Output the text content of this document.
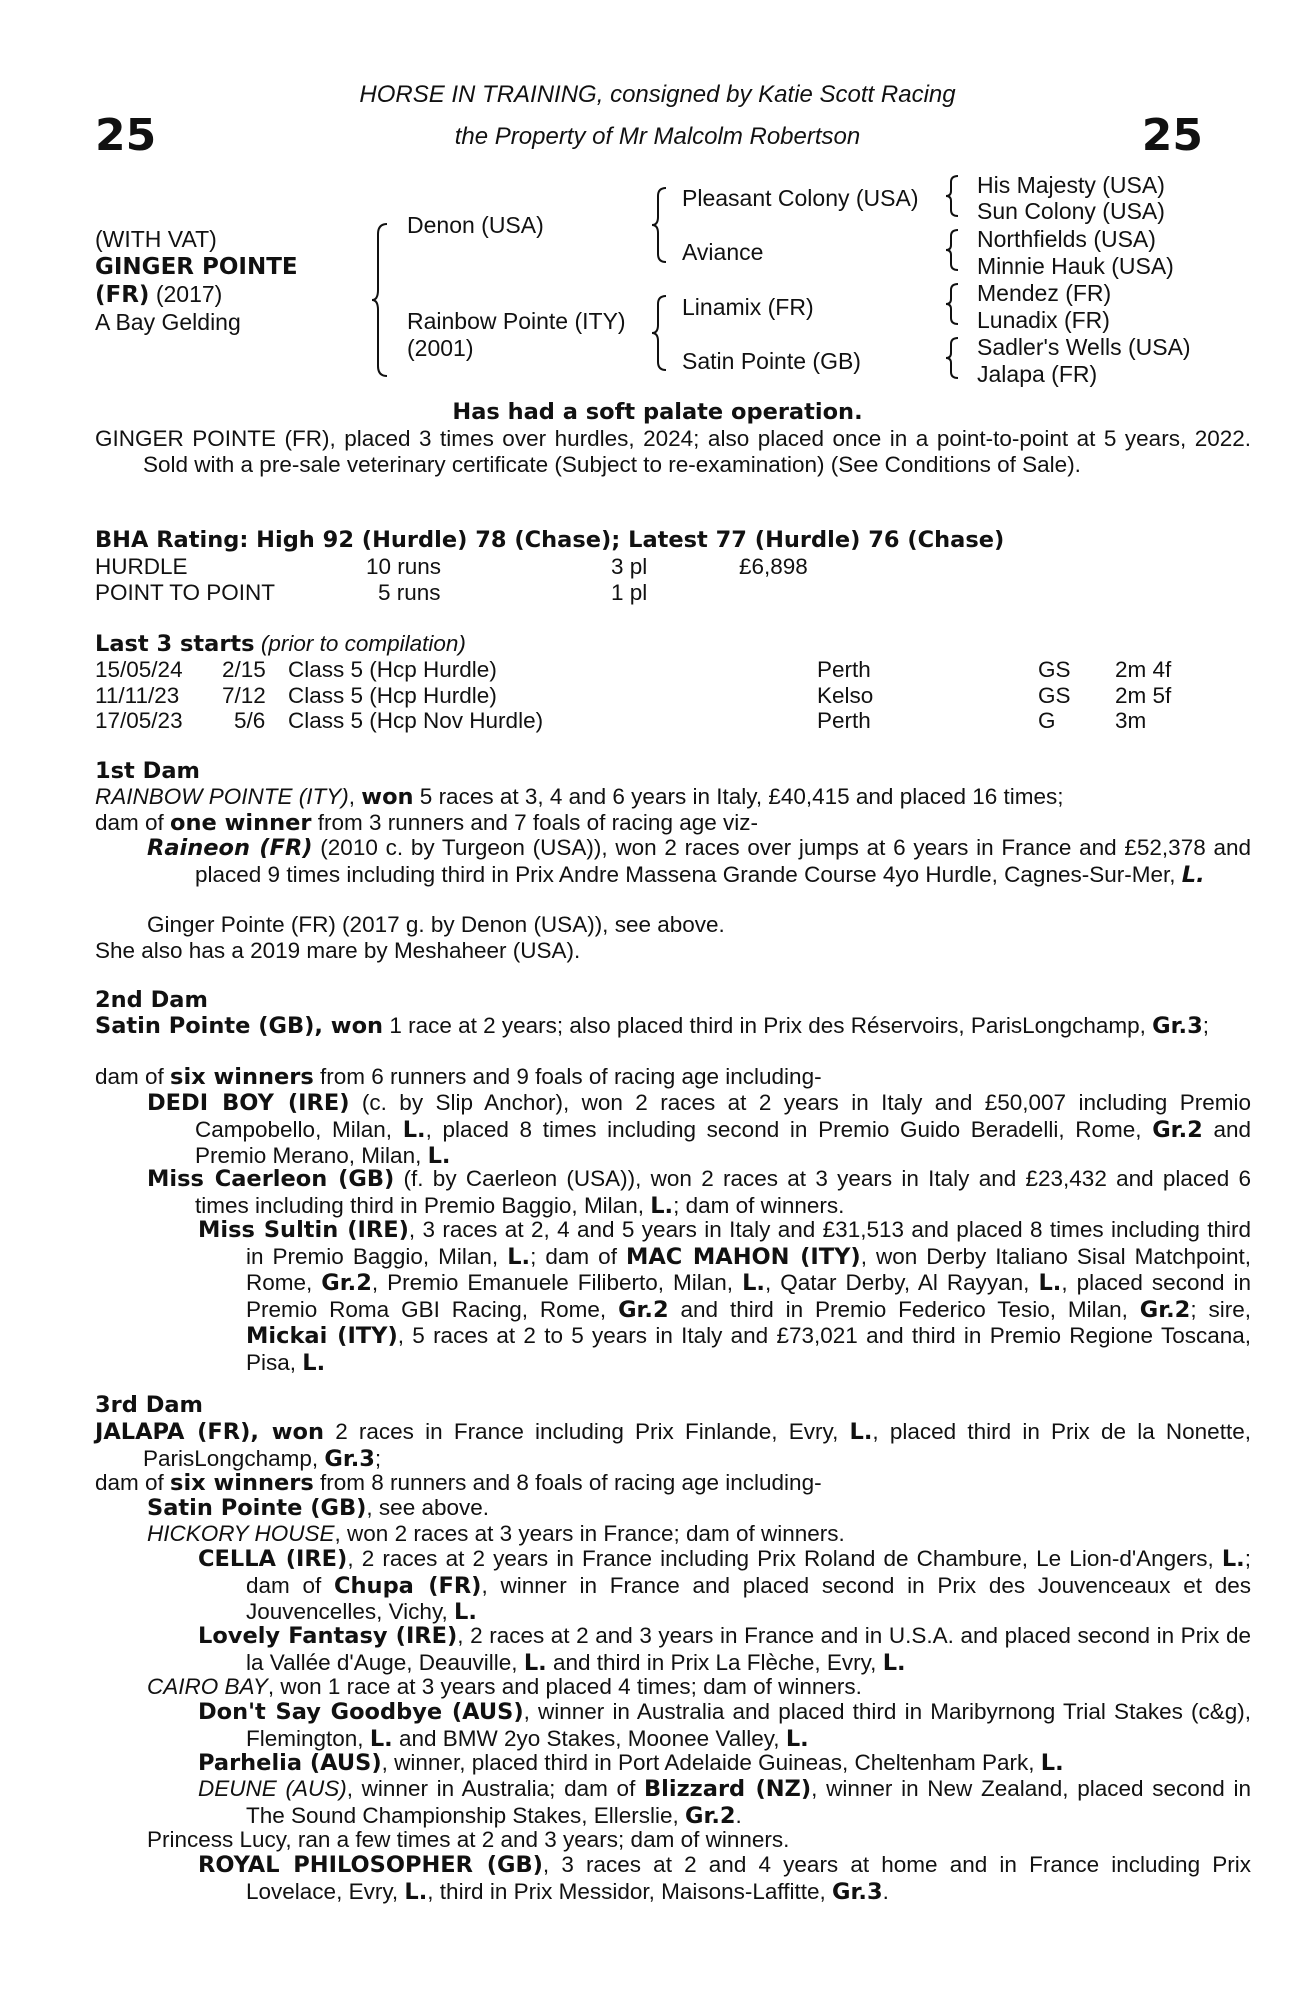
25	25
HORSE IN TRAINING, consigned by Katie Scott Racing
the Property of Mr Malcolm Robertson
(WITH VAT)
GINGER POINTE
(FR) (2017)
A Bay Gelding
Denon (USA)
Rainbow Pointe (ITY)
(2001)
Pleasant Colony (USA)
Aviance
Linamix (FR)
Satin Pointe (GB)
His Majesty (USA)
Sun Colony (USA)
Northfields (USA)
Minnie Hauk (USA)
Mendez (FR)
Lunadix (FR)
Sadler's Wells (USA)
Jalapa (FR)
Has had a soft palate operation.
GINGER POINTE (FR), placed 3 times over hurdles, 2024; also placed once in a point-to-point at 5 years, 2022. Sold with a pre-sale veterinary certificate (Subject to re-examination) (See Conditions of Sale).
BHA Rating: High 92 (Hurdle) 78 (Chase); Latest 77 (Hurdle) 76 (Chase)
HURDLE	10 runs	3 pl	£6,898
POINT TO POINT	5 runs	1 pl
Last 3 starts (prior to compilation)
15/05/24 2/15 Class 5 (Hcp Hurdle)	Perth	GS 2m 4f
11/11/23 7/12 Class 5 (Hcp Hurdle)	Kelso	GS 2m 5f
17/05/23 5/6 Class 5 (Hcp Nov Hurdle)	Perth	G	3m
1st Dam
RAINBOW POINTE (ITY), won 5 races at 3, 4 and 6 years in Italy, £40,415 and placed 16 times;
dam of one winner from 3 runners and 7 foals of racing age viz-
Raineon (FR) (2010 c. by Turgeon (USA)), won 2 races over jumps at 6 years in France and £52,378 and placed 9 times including third in Prix Andre Massena Grande Course 4yo Hurdle, Cagnes-Sur-Mer, L.
Ginger Pointe (FR) (2017 g. by Denon (USA)), see above.
She also has a 2019 mare by Meshaheer (USA).
2nd Dam
Satin Pointe (GB), won 1 race at 2 years; also placed third in Prix des Réservoirs, ParisLongchamp, Gr.3;
dam of six winners from 6 runners and 9 foals of racing age including-
DEDI BOY (IRE) (c. by Slip Anchor), won 2 races at 2 years in Italy and £50,007 including Premio Campobello, Milan, L., placed 8 times including second in Premio Guido Beradelli, Rome, Gr.2 and Premio Merano, Milan, L.
Miss Caerleon (GB) (f. by Caerleon (USA)), won 2 races at 3 years in Italy and £23,432 and placed 6 times including third in Premio Baggio, Milan, L.; dam of winners.
Miss Sultin (IRE), 3 races at 2, 4 and 5 years in Italy and £31,513 and placed 8 times including third in Premio Baggio, Milan, L.; dam of MAC MAHON (ITY), won Derby Italiano Sisal Matchpoint, Rome, Gr.2, Premio Emanuele Filiberto, Milan, L., Qatar Derby, Al Rayyan, L., placed second in Premio Roma GBI Racing, Rome, Gr.2 and third in Premio Federico Tesio, Milan, Gr.2; sire, Mickai (ITY), 5 races at 2 to 5 years in Italy and £73,021 and third in Premio Regione Toscana, Pisa, L.
3rd Dam
JALAPA (FR), won 2 races in France including Prix Finlande, Evry, L., placed third in Prix de la Nonette, ParisLongchamp, Gr.3;
dam of six winners from 8 runners and 8 foals of racing age including-
Satin Pointe (GB), see above.
HICKORY HOUSE, won 2 races at 3 years in France; dam of winners.
CELLA (IRE), 2 races at 2 years in France including Prix Roland de Chambure, Le Lion-d'Angers, L.; dam of Chupa (FR), winner in France and placed second in Prix des Jouvenceaux et des Jouvencelles, Vichy, L.
Lovely Fantasy (IRE), 2 races at 2 and 3 years in France and in U.S.A. and placed second in Prix de la Vallée d'Auge, Deauville, L. and third in Prix La Flèche, Evry, L.
CAIRO BAY, won 1 race at 3 years and placed 4 times; dam of winners.
Don't Say Goodbye (AUS), winner in Australia and placed third in Maribyrnong Trial Stakes (c&g), Flemington, L. and BMW 2yo Stakes, Moonee Valley, L.
Parhelia (AUS), winner, placed third in Port Adelaide Guineas, Cheltenham Park, L.
DEUNE (AUS), winner in Australia; dam of Blizzard (NZ), winner in New Zealand, placed second in The Sound Championship Stakes, Ellerslie, Gr.2.
Princess Lucy, ran a few times at 2 and 3 years; dam of winners.
ROYAL PHILOSOPHER (GB), 3 races at 2 and 4 years at home and in France including Prix Lovelace, Evry, L., third in Prix Messidor, Maisons-Laffitte, Gr.3.
